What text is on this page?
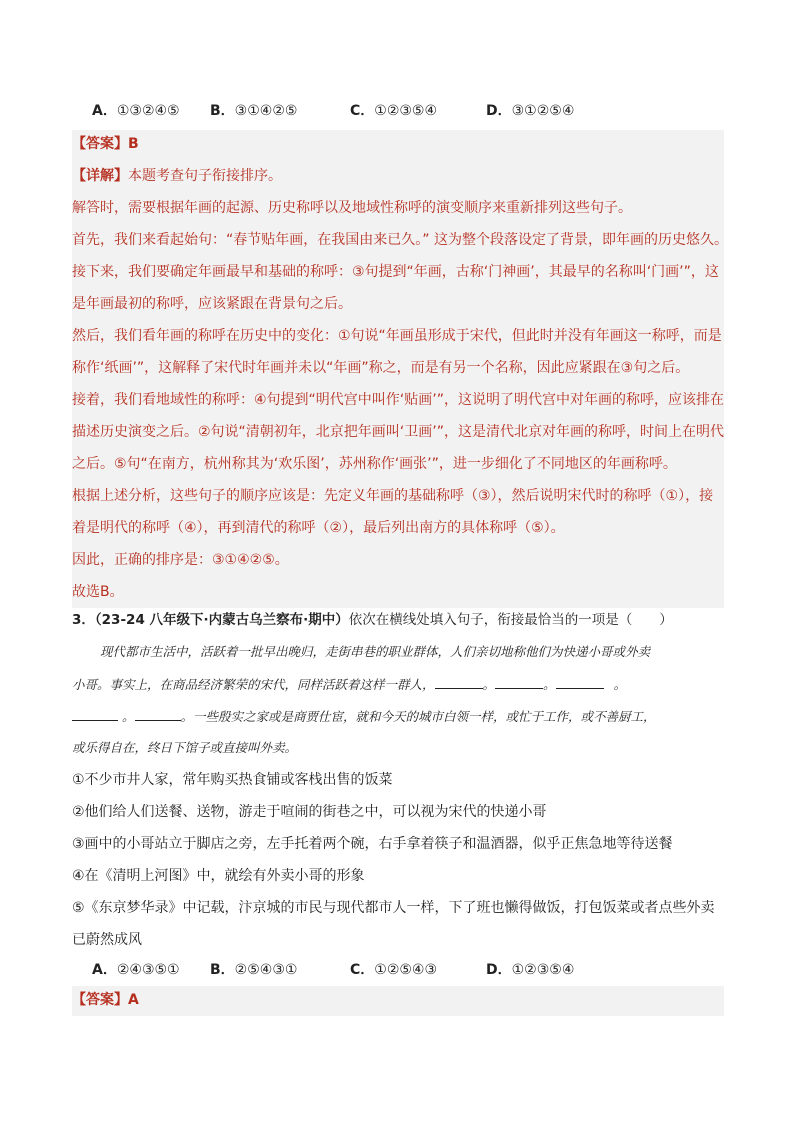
A．①③②④⑤ B．③①④②⑤	C．①②③⑤④	D．③①②⑤④
【答案】B
【详解】本题考查句子衔接排序。
解答时，需要根据年画的起源、历史称呼以及地域性称呼的演变顺序来重新排列这些句子。
首先，我们来看起始句：“春节贴年画，在我国由来已久。” 这为整个段落设定了背景，即年画的历史悠久。
接下来，我们要确定年画最早和基础的称呼：③句提到“年画，古称‘门神画’，其最早的名称叫‘门画’”，这
是年画最初的称呼，应该紧跟在背景句之后。
然后，我们看年画的称呼在历史中的变化：①句说“年画虽形成于宋代，但此时并没有年画这一称呼，而是
称作‘纸画’”，这解释了宋代时年画并未以“年画”称之，而是有另一个名称，因此应紧跟在③句之后。
接着，我们看地域性的称呼：④句提到“明代宫中叫作‘贴画’”，这说明了明代宫中对年画的称呼，应该排在
描述历史演变之后。②句说“清朝初年，北京把年画叫‘卫画’”，这是清代北京对年画的称呼，时间上在明代
之后。⑤句“在南方，杭州称其为‘欢乐图’，苏州称作‘画张’”，进一步细化了不同地区的年画称呼。
根据上述分析，这些句子的顺序应该是：先定义年画的基础称呼（③），然后说明宋代时的称呼（①），接
着是明代的称呼（④），再到清代的称呼（②），最后列出南方的具体称呼（⑤）。
因此，正确的排序是：③①④②⑤。
故选B。
3．（23-24 八年级下·内蒙古乌兰察布·期中）依次在横线处填入句子，衔接最恰当的一项是（　　）
现代都市生活中，活跃着一批早出晚归，走街串巷的职业群体，人们亲切地称他们为快递小哥或外卖
小哥。事实上，在商品经济繁荣的宋代，同样活跃着这样一群人，	。	。	。
。	。一些殷实之家或是商贾仕宦，就和今天的城市白领一样，或忙于工作，或不善厨工，
或乐得自在，终日下馆子或直接叫外卖。
①不少市井人家，常年购买热食铺或客栈出售的饭菜
②他们给人们送餐、送物，游走于喧闹的街巷之中，可以视为宋代的快递小哥
③画中的小哥站立于脚店之旁，左手托着两个碗，右手拿着筷子和温酒器，似乎正焦急地等待送餐
④在《清明上河图》中，就绘有外卖小哥的形象
⑤《东京梦华录》中记载，汴京城的市民与现代都市人一样，下了班也懒得做饭，打包饭菜或者点些外卖
已蔚然成风
A．②④③⑤① B．②⑤④③①	C．①②⑤④③	D．①②③⑤④
【答案】A
